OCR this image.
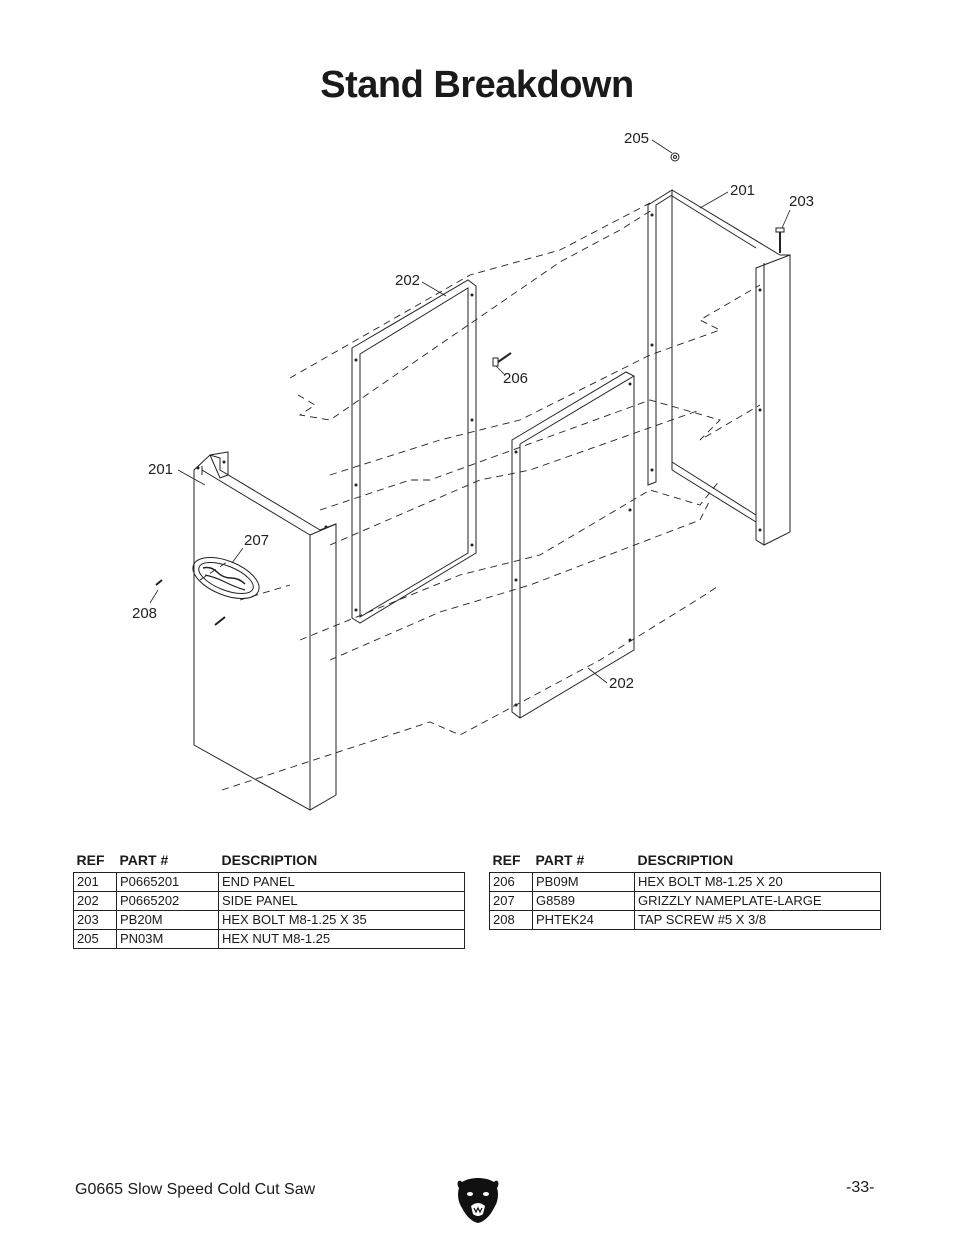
Stand Breakdown
205
201
203
202
206
201
207
208
202
REF	PART #	DESCRIPTION
201	P0665201	END PANEL
202	P0665202	SIDE PANEL
203	PB20M	HEX BOLT M8-1.25 X 35
205	PN03M	HEX NUT M8-1.25
REF	PART #	DESCRIPTION
206	PB09M	HEX BOLT M8-1.25 X 20
207	G8589	GRIZZLY NAMEPLATE-LARGE
208	PHTEK24	TAP SCREW #5 X 3/8
G0665 Slow Speed Cold Cut Saw	-33-
